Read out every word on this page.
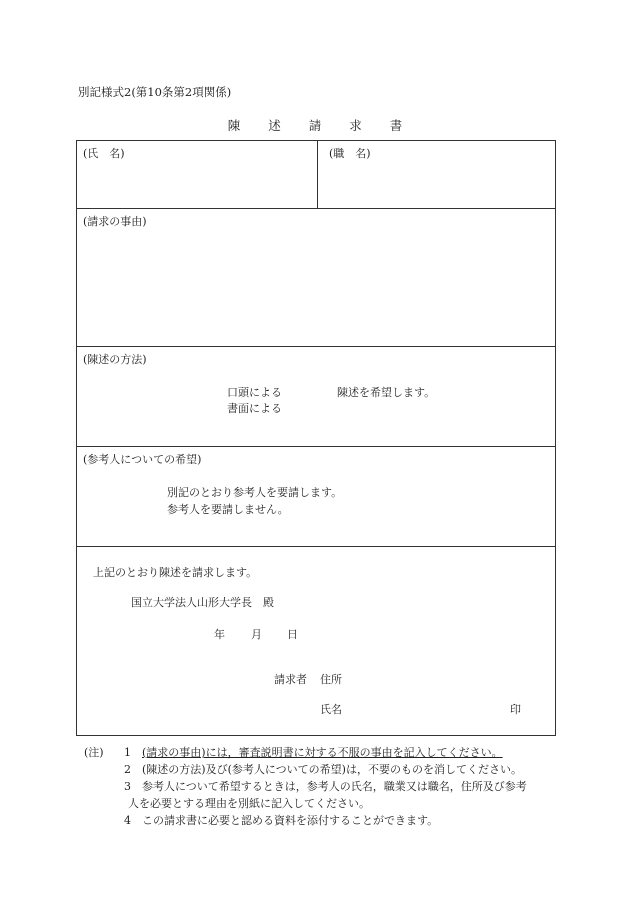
別記様式2(第10条第2項関係)
陳 述 請 求 書
(氏　名)	(職　名)
(請求の事由)
(陳述の方法)
口頭による
書面による
陳述を希望します。
(参考人についての希望)
別記のとおり参考人を要請します。
参考人を要請しません。
上記のとおり陳述を請求します。
国立大学法人山形大学長　殿
年 月 日
請求者 住所
氏名	印
(注) 1 (請求の事由)には，審査説明書に対する不服の事由を記入してください。
2 (陳述の方法)及び(参考人についての希望)は，不要のものを消してください。
3 参考人について希望するときは，参考人の氏名，職業又は職名，住所及び参考
人を必要とする理由を別紙に記入してください。
4 この請求書に必要と認める資料を添付することができます。
